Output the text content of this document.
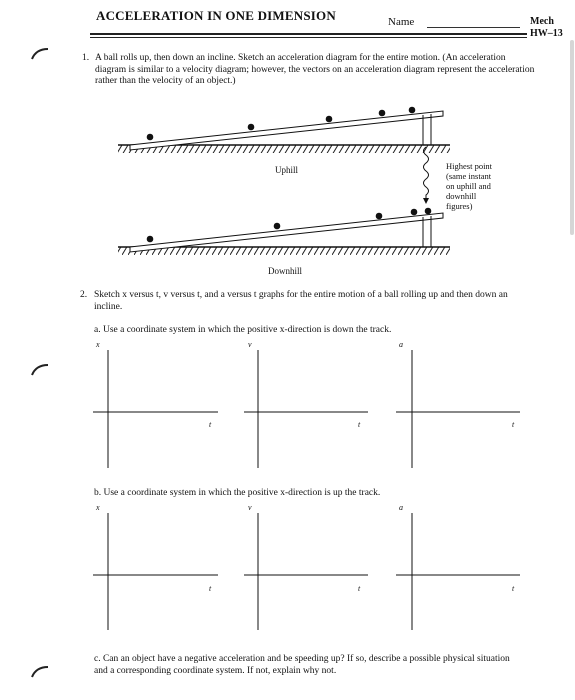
ACCELERATION IN ONE DIMENSION	Name	Mech
HW–13
1. A ball rolls up, then down an incline. Sketch an acceleration diagram for the entire motion. (An acceleration diagram is similar to a velocity diagram; however, the vectors on an acceleration diagram represent the acceleration rather than the velocity of an object.)
Uphill
Downhill
Highest point
(same instant
on uphill and
downhill
figures)
2. Sketch x versus t, v versus t, and a versus t graphs for the entire motion of a ball rolling up and then down an incline.
a. Use a coordinate system in which the positive x-direction is down the track.
b. Use a coordinate system in which the positive x-direction is up the track.
c. Can an object have a negative acceleration and be speeding up? If so, describe a possible physical situation and a corresponding coordinate system. If not, explain why not.
x	v	a
t	t	t
x	v	a
t	t	t
